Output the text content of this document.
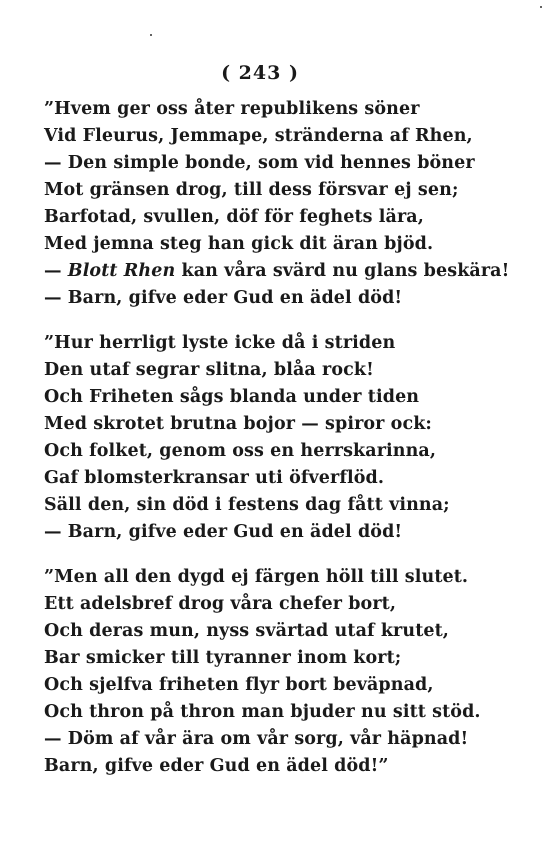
( 243 )
”Hvem ger oss åter republikens söner
Vid Fleurus, Jemmape, stränderna af Rhen,
— Den simple bonde, som vid hennes böner
Mot gränsen drog, till dess försvar ej sen;
Barfotad, svullen, döf för feghets lära,
Med jemna steg han gick dit äran bjöd.
— Blott Rhen kan våra svärd nu glans beskära!
— Barn, gifve eder Gud en ädel död!
”Hur herrligt lyste icke då i striden
Den utaf segrar slitna, blåa rock!
Och Friheten sågs blanda under tiden
Med skrotet brutna bojor — spiror ock:
Och folket, genom oss en herrskarinna,
Gaf blomsterkransar uti öfverflöd.
Säll den, sin död i festens dag fått vinna;
— Barn, gifve eder Gud en ädel död!
”Men all den dygd ej färgen höll till slutet.
Ett adelsbref drog våra chefer bort,
Och deras mun, nyss svärtad utaf krutet,
Bar smicker till tyranner inom kort;
Och sjelfva friheten flyr bort beväpnad,
Och thron på thron man bjuder nu sitt stöd.
— Döm af vår ära om vår sorg, vår häpnad!
Barn, gifve eder Gud en ädel död!”
